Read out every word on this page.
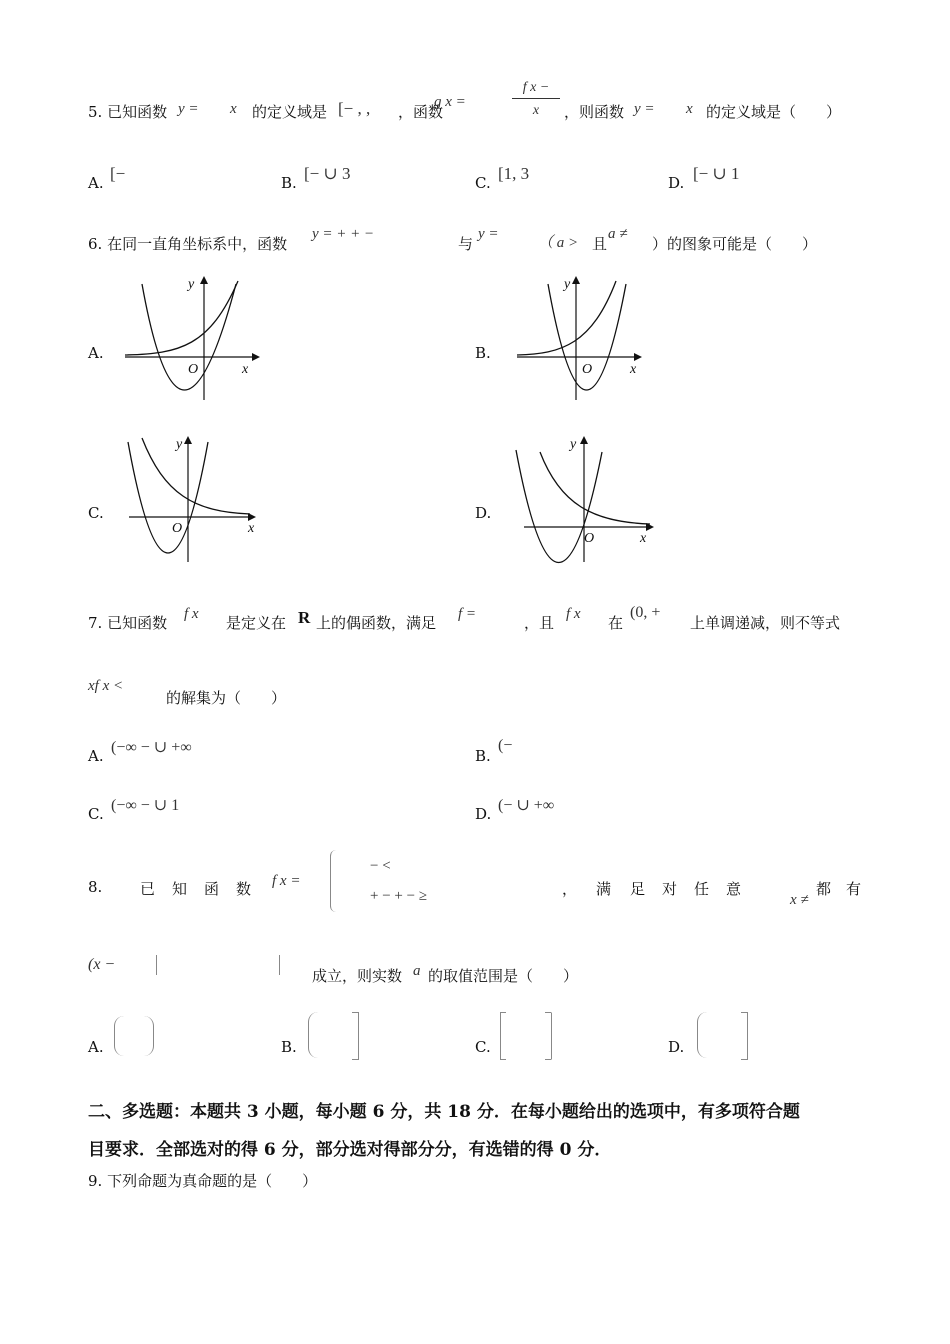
5. 已知函数 y = x 的定义域是 [− , , ，函数
g x =
f x −
x	，则函数 y = x 的定义域是（　　）
A. [−	B. [− ∪ 3	C. [1, 3	D. [− ∪ 1
6. 在同一直角坐标系中，函数
y = + + −
与
y =
（ a > 且
a ≠
）的图象可能是（　　）
A.
O	x
y
B.
O	x
y
C.
O	x
y
D.
O	x
y
7. 已知函数 f x 是定义在 R 上的偶函数，满足 f =	，且 f x 在
(0, +
上单调递减，则不等式
xf x <
的解集为（　　）
A. (−∞ − ∪ +∞	B.
(−
C. (−∞ − ∪ 1	D. (− ∪ +∞
8.	已 知 函 数 f x =
− <
+ − + − ≥	， 满 足 对 任 意
x ≠
都 有
(x −
成立，则实数 a 的取值范围是（　　）
A.	B.	C.	D.
二、多选题：本题共 3 小题，每小题 6 分，共 18 分．在每小题给出的选项中，有多项符合题
目要求．全部选对的得 6 分，部分选对得部分分，有选错的得 0 分．
9. 下列命题为真命题的是（　　）
